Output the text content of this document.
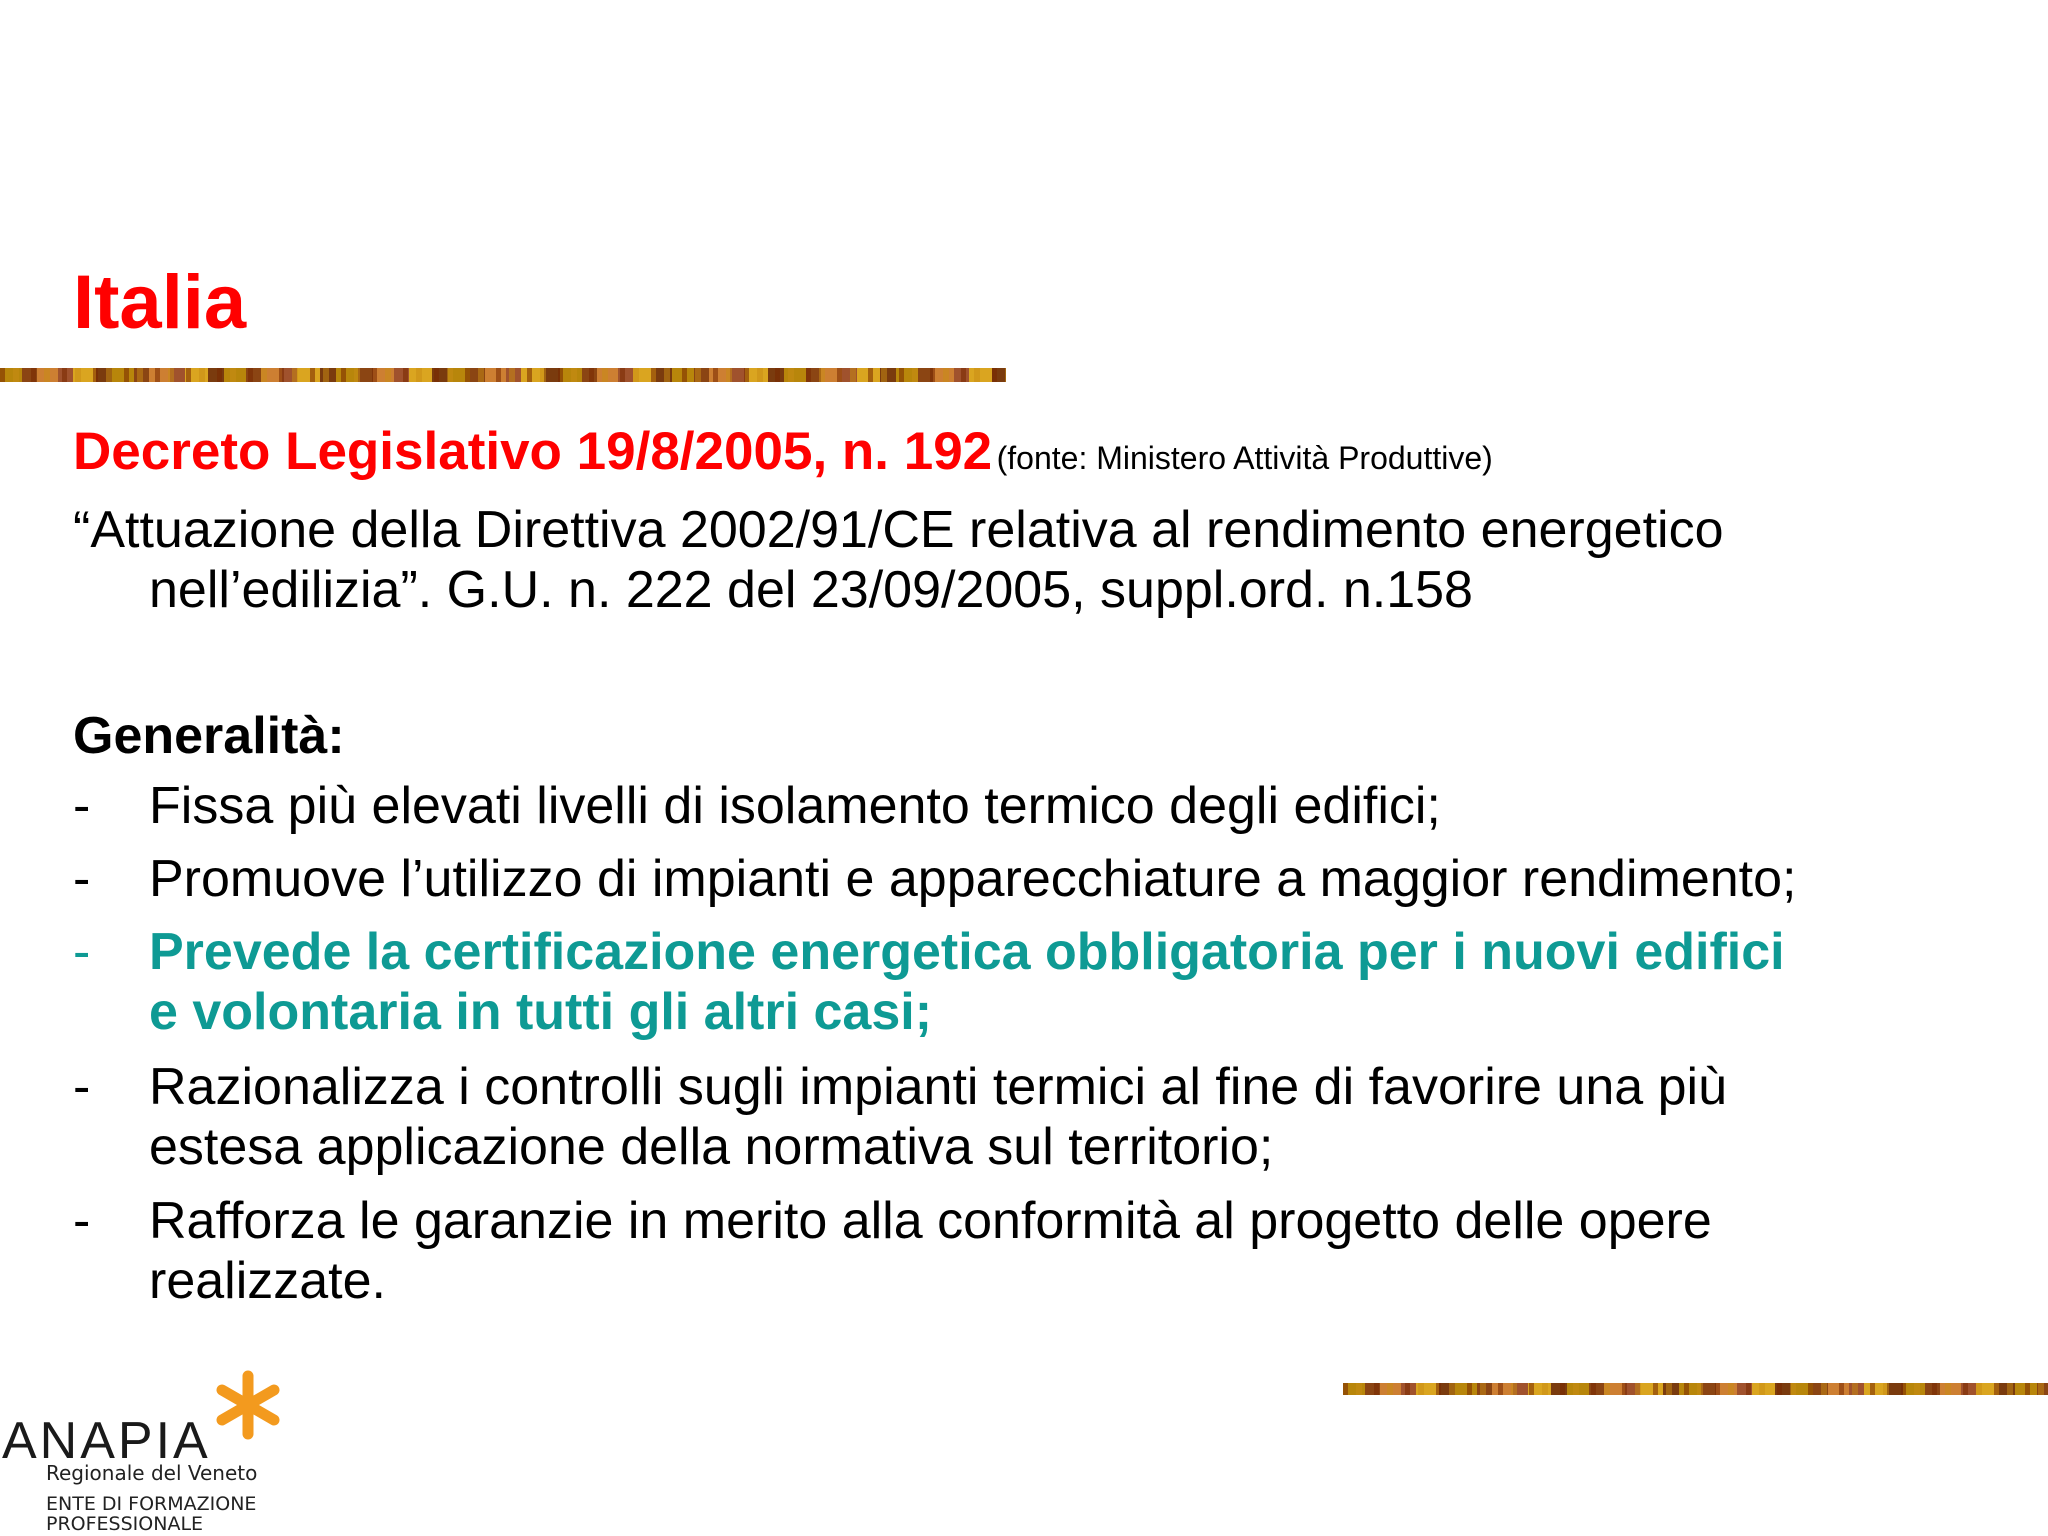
Italia
Decreto Legislativo 19/8/2005, n. 192 (fonte: Ministero Attività Produttive)
“Attuazione della Direttiva 2002/91/CE relativa al rendimento energetico
nell’edilizia”. G.U. n. 222 del 23/09/2005, suppl.ord. n.158
Generalità:
-	Fissa più elevati livelli di isolamento termico degli edifici;
-	Promuove l’utilizzo di impianti e apparecchiature a maggior rendimento;
-	Prevede la certificazione energetica obbligatoria per i nuovi edifici
e volontaria in tutti gli altri casi;
-	Razionalizza i controlli sugli impianti termici al fine di favorire una più
estesa applicazione della normativa sul territorio;
-	Rafforza le garanzie in merito alla conformità al progetto delle opere
realizzate.
ANAPIA
Regionale del Veneto
ENTE DI FORMAZIONE
PROFESSIONALE
